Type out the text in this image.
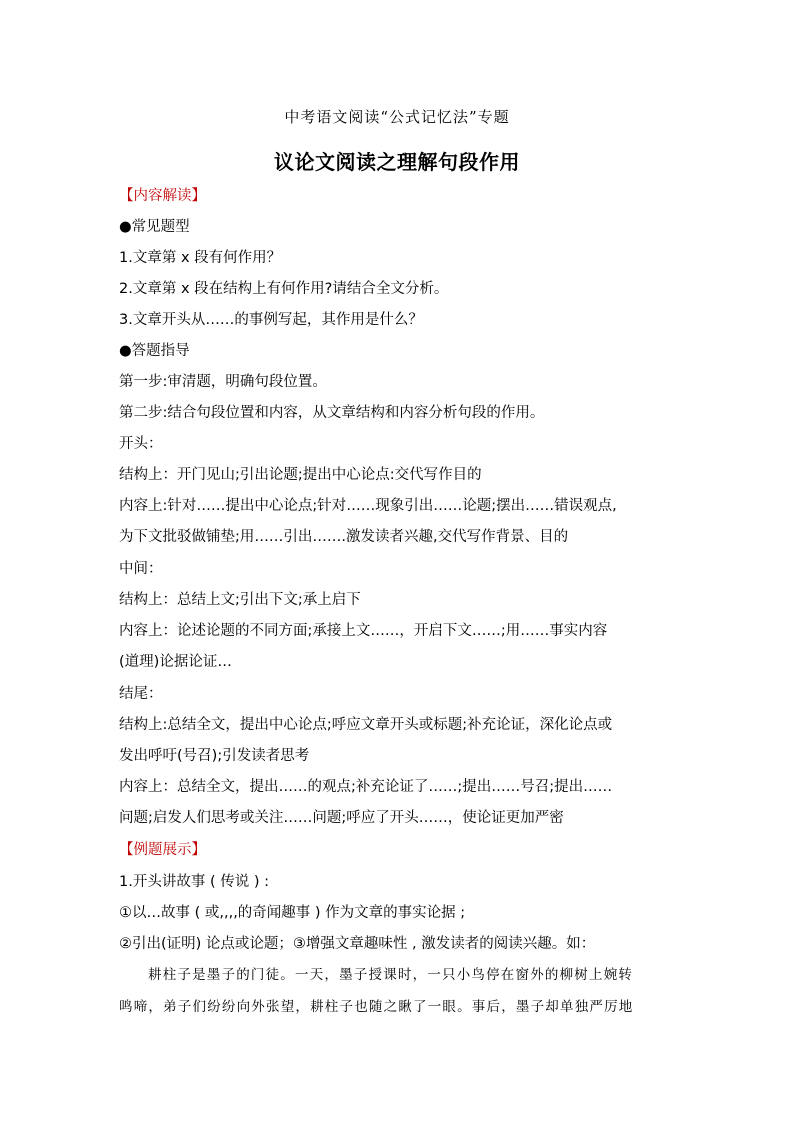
中考语文阅读“公式记忆法”专题
议论文阅读之理解句段作用
【内容解读】
●常见题型
1.文章第 x 段有何作用？
2.文章第 x 段在结构上有何作用?请结合全文分析。
3.文章开头从……的事例写起，其作用是什么？
●答题指导
第一步:审清题，明确句段位置。
第二步:结合句段位置和内容，从文章结构和内容分析句段的作用。
开头：
结构上：开门见山;引出论题;提出中心论点:交代写作目的
内容上:针对……提出中心论点;针对……现象引出……论题;摆出……错误观点,
为下文批驳做铺垫;用……引出…….激发读者兴趣,交代写作背景、目的
中间：
结构上：总结上文;引出下文;承上启下
内容上：论述论题的不同方面;承接上文……，开启下文……;用……事实内容
(道理)论据论证…
结尾：
结构上:总结全文，提出中心论点;呼应文章开头或标题;补充论证，深化论点或
发出呼吁(号召);引发读者思考
内容上：总结全文，提出……的观点;补充论证了……;提出……号召;提出……
问题;启发人们思考或关注……问题;呼应了开头……，使论证更加严密
【例题展示】
1.开头讲故事 ( 传说 ) :
①以…故事 ( 或,,,,的奇闻趣事 ) 作为文章的事实论据 ;
②引出(证明) 论点或论题；③增强文章趣味性 , 激发读者的阅读兴趣。如：
耕柱子是墨子的门徒。一天，墨子授课时，一只小鸟停在窗外的柳树上婉转
鸣啼，弟子们纷纷向外张望，耕柱子也随之瞅了一眼。事后，墨子却单独严厉地
